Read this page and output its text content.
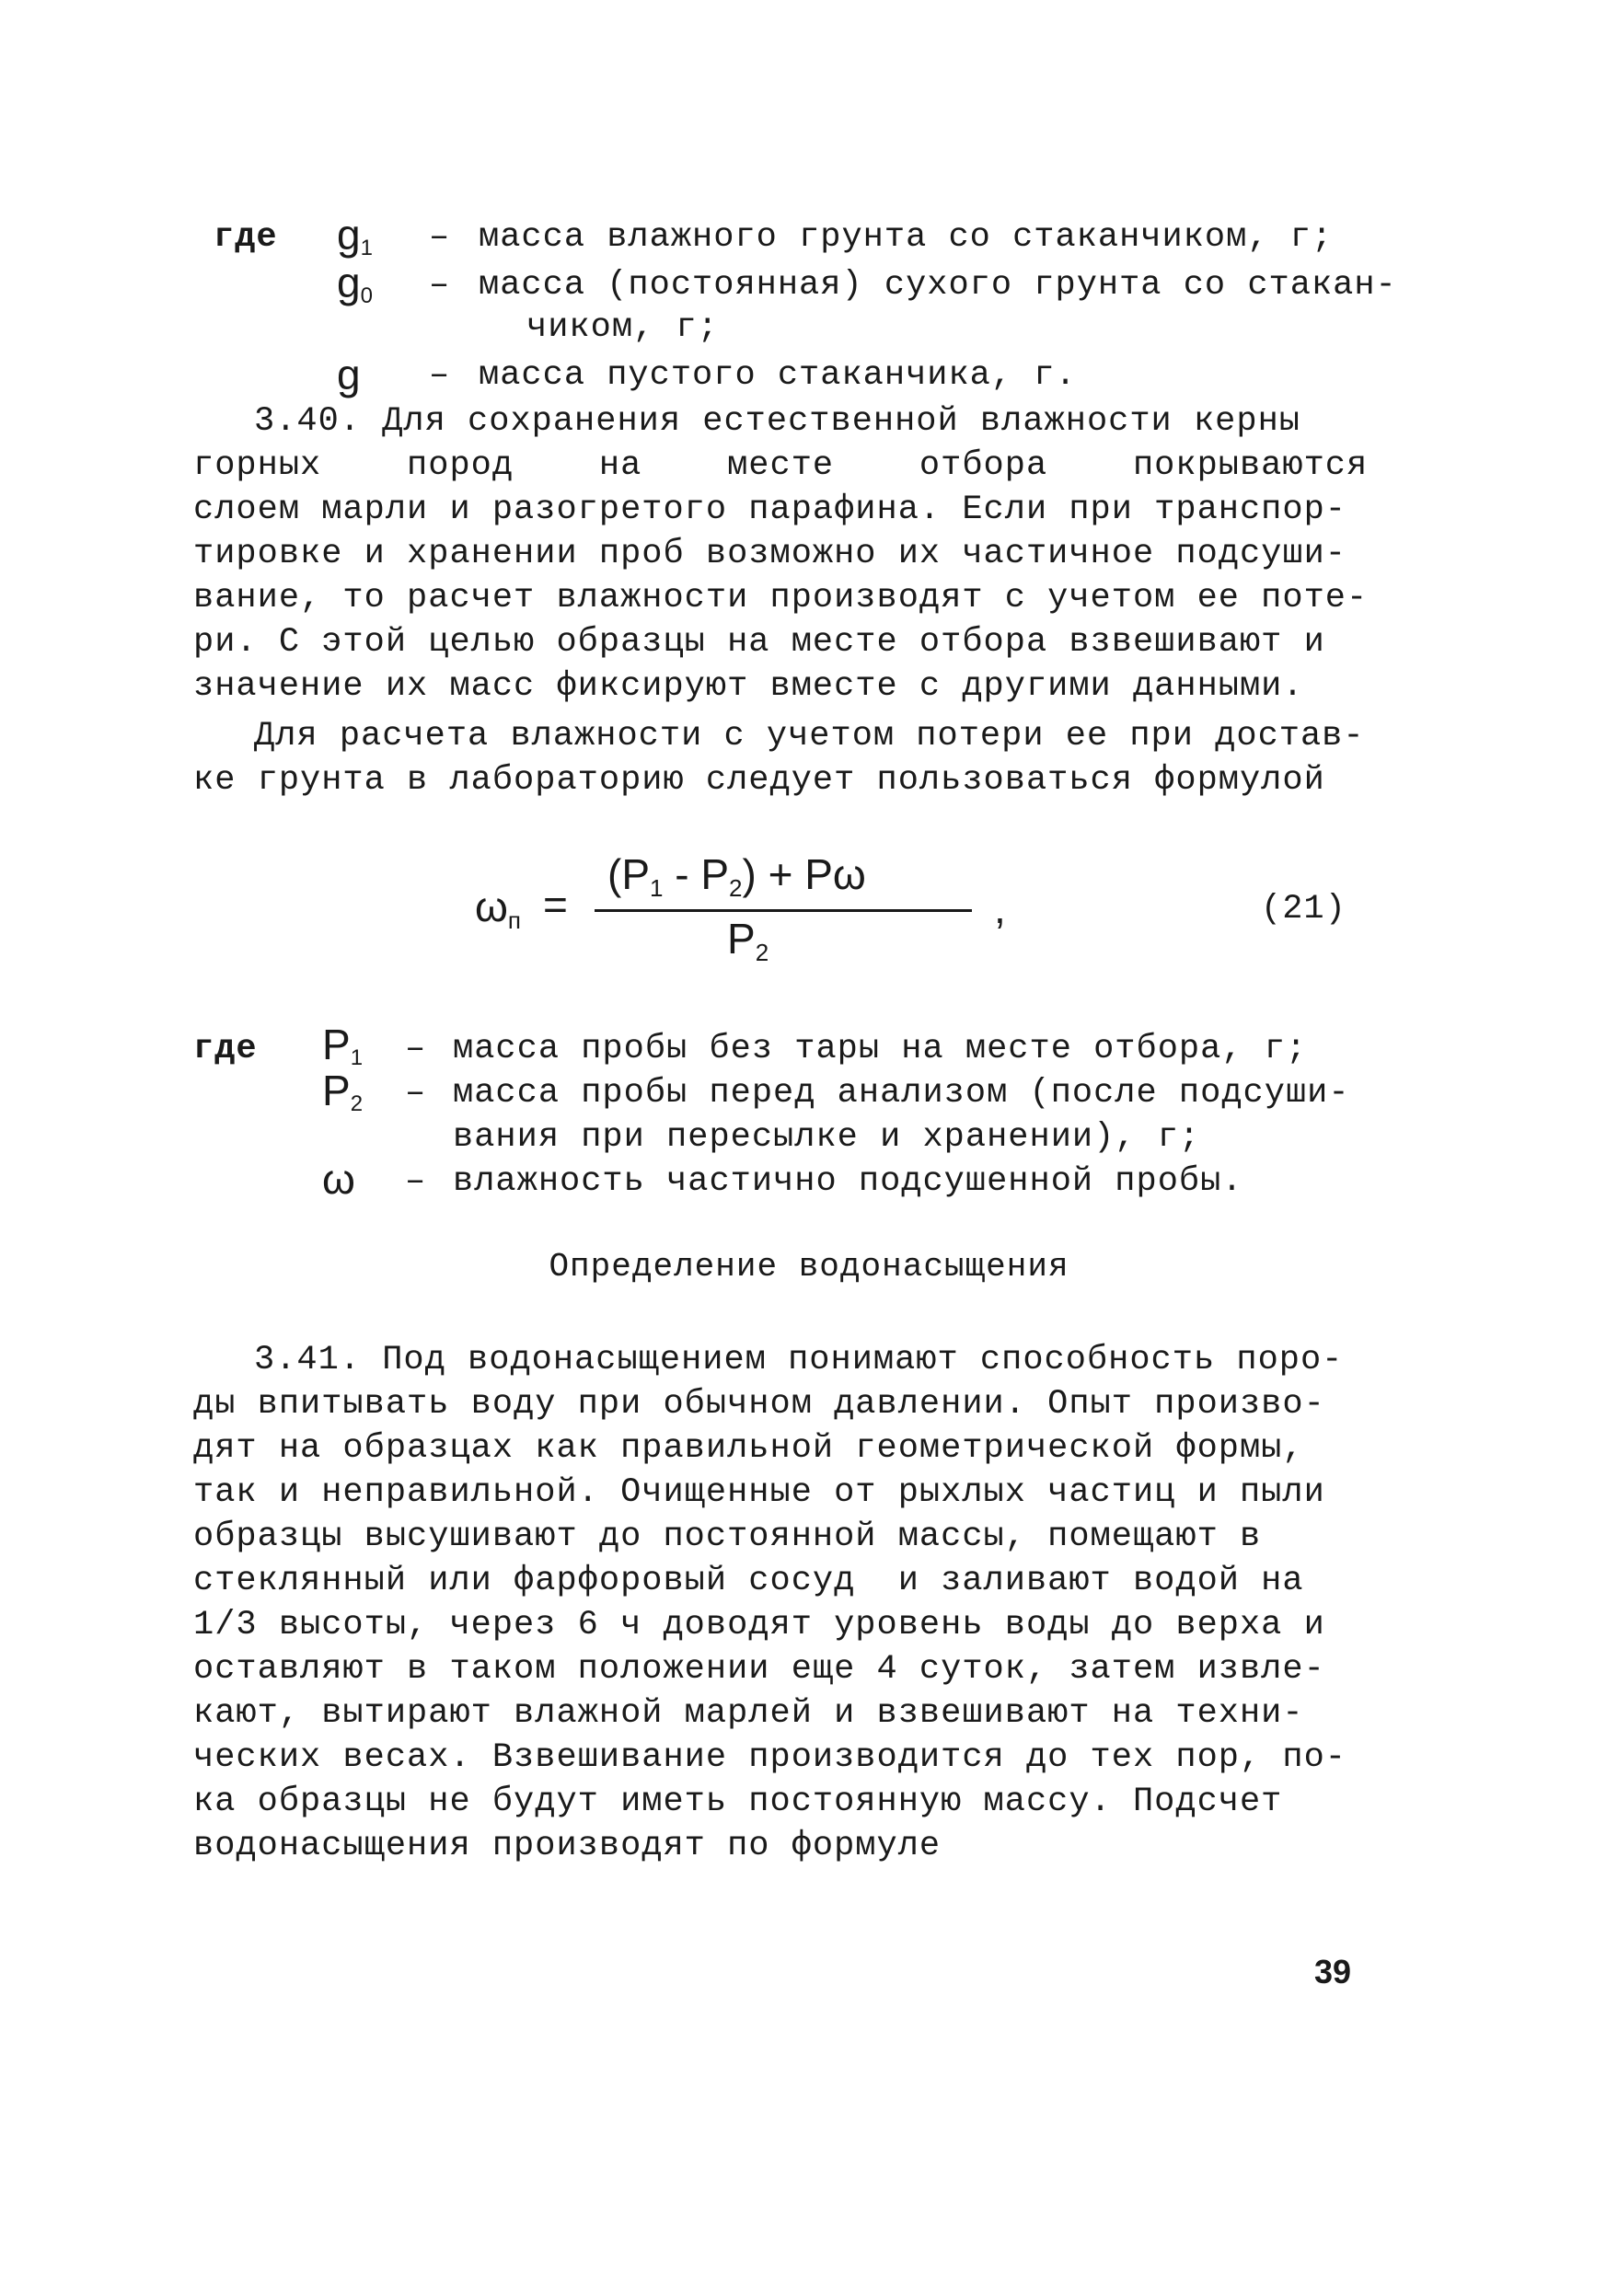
где $g_1$ – масса влажного грунта со стаканчиком, г;
$g_0$ – масса (постоянная) сухого грунта со стакан-
чиком, г;
g – масса пустого стаканчика, г.
3.40. Для сохранения естественной влажности керны
горных    пород    на    месте    отбора    покрываются
слоем марли и разогретого парафина. Если при транспор-
тировке и хранении проб возможно их частичное подсуши-
вание, то расчет влажности производят с учетом ее поте-
ри. С этой целью образцы на месте отбора взвешивают и
значение их масс фиксируют вместе с другими данными.
Для расчета влажности с учетом потери ее при достав-
ке грунта в лабораторию следует пользоваться формулой
$\omega_п$ =
$(P_1 - P_2) + P\omega$
$P_2$
,	(21)
где $P_1$ – масса пробы без тары на месте отбора, г;
$P_2$ – масса пробы перед анализом (после подсуши-
вания при пересылке и хранении), г;
ω – влажность частично подсушенной пробы.
Определение водонасыщения
3.41. Под водонасыщением понимают способность поро-
ды впитывать воду при обычном давлении. Опыт произво-
дят на образцах как правильной геометрической формы,
так и неправильной. Очищенные от рыхлых частиц и пыли
образцы высушивают до постоянной массы, помещают в
стеклянный или фарфоровый сосуд  и заливают водой на
1/3 высоты, через 6 ч доводят уровень воды до верха и
оставляют в таком положении еще 4 суток, затем извле-
кают, вытирают влажной марлей и взвешивают на техни-
ческих весах. Взвешивание производится до тех пор, по-
ка образцы не будут иметь постоянную массу. Подсчет
водонасыщения производят по формуле
39
